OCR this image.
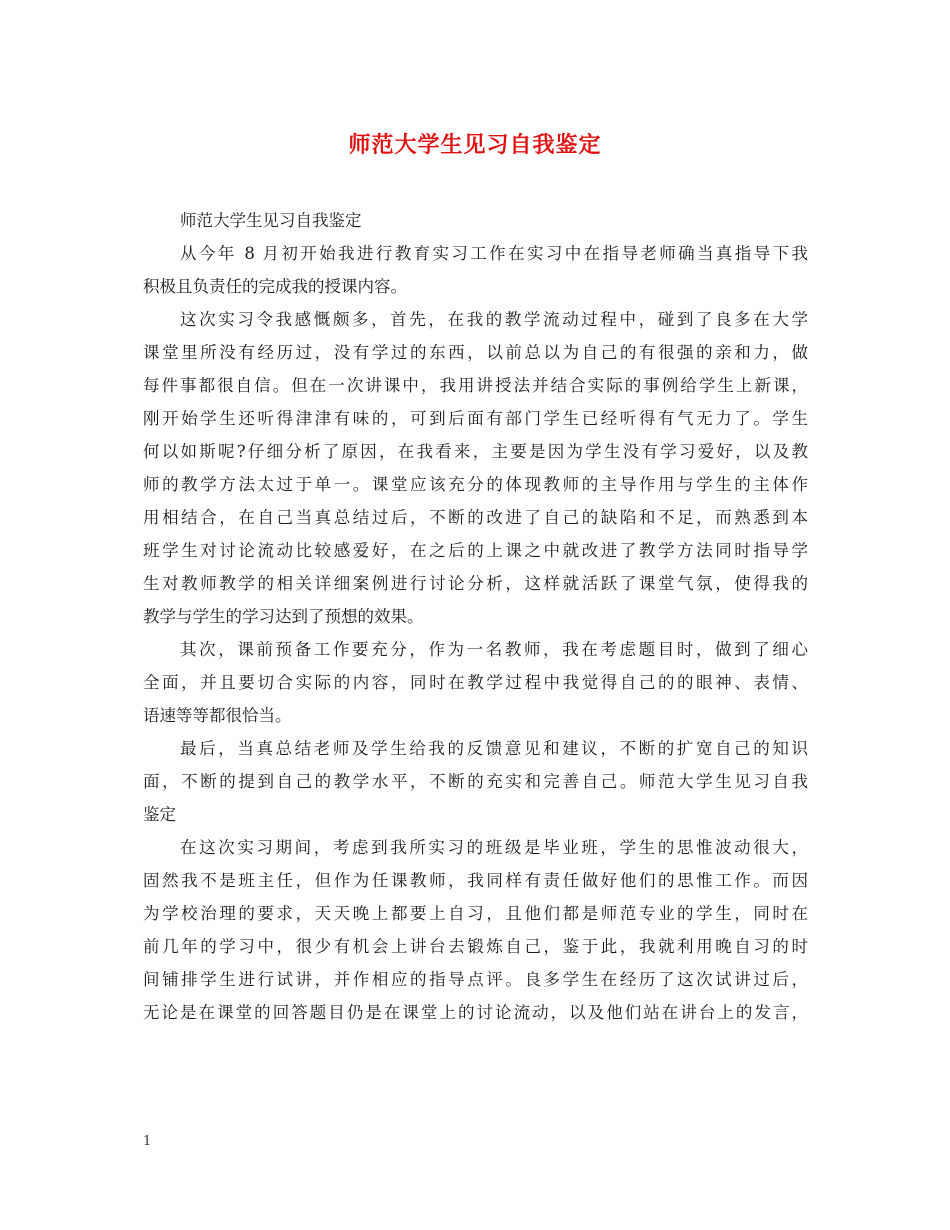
师范大学生见习自我鉴定
师范大学生见习自我鉴定
从今年 8 月初开始我进行教育实习工作在实习中在指导老师确当真指导下我
积极且负责任的完成我的授课内容。
这次实习令我感慨颇多，首先，在我的教学流动过程中，碰到了良多在大学
课堂里所没有经历过，没有学过的东西，以前总以为自己的有很强的亲和力，做
每件事都很自信。但在一次讲课中，我用讲授法并结合实际的事例给学生上新课，
刚开始学生还听得津津有味的，可到后面有部门学生已经听得有气无力了。学生
何以如斯呢?仔细分析了原因，在我看来，主要是因为学生没有学习爱好，以及教
师的教学方法太过于单一。课堂应该充分的体现教师的主导作用与学生的主体作
用相结合，在自己当真总结过后，不断的改进了自己的缺陷和不足，而熟悉到本
班学生对讨论流动比较感爱好，在之后的上课之中就改进了教学方法同时指导学
生对教师教学的相关详细案例进行讨论分析，这样就活跃了课堂气氛，使得我的
教学与学生的学习达到了预想的效果。
其次，课前预备工作要充分，作为一名教师，我在考虑题目时，做到了细心
全面，并且要切合实际的内容，同时在教学过程中我觉得自己的的眼神、表情、
语速等等都很恰当。
最后，当真总结老师及学生给我的反馈意见和建议，不断的扩宽自己的知识
面，不断的提到自己的教学水平，不断的充实和完善自己。师范大学生见习自我
鉴定
在这次实习期间，考虑到我所实习的班级是毕业班，学生的思惟波动很大，
固然我不是班主任，但作为任课教师，我同样有责任做好他们的思惟工作。而因
为学校治理的要求，天天晚上都要上自习，且他们都是师范专业的学生，同时在
前几年的学习中，很少有机会上讲台去锻炼自己，鉴于此，我就利用晚自习的时
间铺排学生进行试讲，并作相应的指导点评。良多学生在经历了这次试讲过后，
无论是在课堂的回答题目仍是在课堂上的讨论流动，以及他们站在讲台上的发言，
1
